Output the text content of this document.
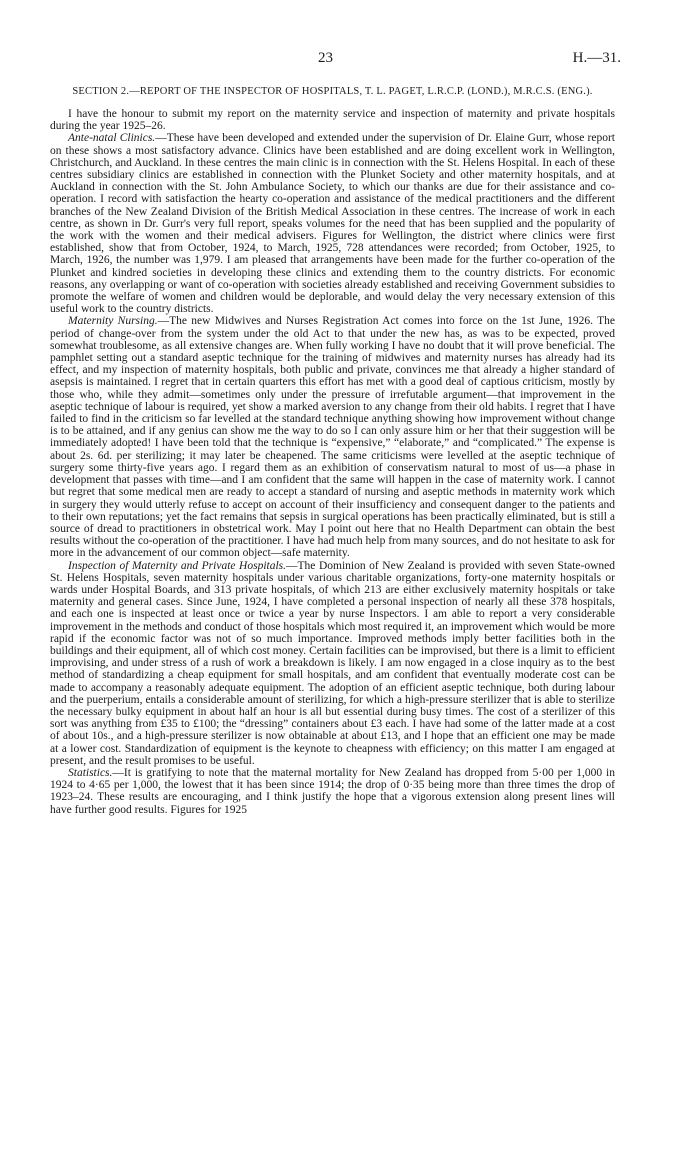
23	H.—31.
SECTION 2.—REPORT OF THE INSPECTOR OF HOSPITALS, T. L. PAGET, L.R.C.P. (LOND.), M.R.C.S. (ENG.).

I have the honour to submit my report on the maternity service and inspection of maternity and private hospitals during the year 1925–26.

Ante-natal Clinics.—These have been developed and extended under the supervision of Dr. Elaine Gurr, whose report on these shows a most satisfactory advance. Clinics have been established and are doing excellent work in Wellington, Christchurch, and Auckland. In these centres the main clinic is in connection with the St. Helens Hospital. In each of these centres subsidiary clinics are established in connection with the Plunket Society and other maternity hospitals, and at Auckland in connection with the St. John Ambulance Society, to which our thanks are due for their assistance and co-operation. I record with satisfaction the hearty co-operation and assistance of the medical practitioners and the different branches of the New Zealand Division of the British Medical Association in these centres. The increase of work in each centre, as shown in Dr. Gurr's very full report, speaks volumes for the need that has been supplied and the popularity of the work with the women and their medical advisers. Figures for Wellington, the district where clinics were first established, show that from October, 1924, to March, 1925, 728 attendances were recorded; from October, 1925, to March, 1926, the number was 1,979. I am pleased that arrangements have been made for the further co-operation of the Plunket and kindred societies in developing these clinics and extending them to the country districts. For economic reasons, any overlapping or want of co-operation with societies already established and receiving Government subsidies to promote the welfare of women and children would be deplorable, and would delay the very necessary extension of this useful work to the country districts.

Maternity Nursing.—The new Midwives and Nurses Registration Act comes into force on the 1st June, 1926. The period of change-over from the system under the old Act to that under the new has, as was to be expected, proved somewhat troublesome, as all extensive changes are. When fully working I have no doubt that it will prove beneficial. The pamphlet setting out a standard aseptic technique for the training of midwives and maternity nurses has already had its effect, and my inspection of maternity hospitals, both public and private, convinces me that already a higher standard of asepsis is maintained. I regret that in certain quarters this effort has met with a good deal of captious criticism, mostly by those who, while they admit—sometimes only under the pressure of irrefutable argument—that improvement in the aseptic technique of labour is required, yet show a marked aversion to any change from their old habits. I regret that I have failed to find in the criticism so far levelled at the standard technique anything showing how improvement without change is to be attained, and if any genius can show me the way to do so I can only assure him or her that their suggestion will be immediately adopted! I have been told that the technique is “expensive,” “elaborate,” and “complicated.” The expense is about 2s. 6d. per sterilizing; it may later be cheapened. The same criticisms were levelled at the aseptic technique of surgery some thirty-five years ago. I regard them as an exhibition of conservatism natural to most of us—a phase in development that passes with time—and I am confident that the same will happen in the case of maternity work. I cannot but regret that some medical men are ready to accept a standard of nursing and aseptic methods in maternity work which in surgery they would utterly refuse to accept on account of their insufficiency and consequent danger to the patients and to their own reputations; yet the fact remains that sepsis in surgical operations has been practically eliminated, but is still a source of dread to practitioners in obstetrical work. May I point out here that no Health Department can obtain the best results without the co-operation of the practitioner. I have had much help from many sources, and do not hesitate to ask for more in the advancement of our common object—safe maternity.

Inspection of Maternity and Private Hospitals.—The Dominion of New Zealand is provided with seven State-owned St. Helens Hospitals, seven maternity hospitals under various charitable organizations, forty-one maternity hospitals or wards under Hospital Boards, and 313 private hospitals, of which 213 are either exclusively maternity hospitals or take maternity and general cases. Since June, 1924, I have completed a personal inspection of nearly all these 378 hospitals, and each one is inspected at least once or twice a year by nurse Inspectors. I am able to report a very considerable improvement in the methods and conduct of those hospitals which most required it, an improvement which would be more rapid if the economic factor was not of so much importance. Improved methods imply better facilities both in the buildings and their equipment, all of which cost money. Certain facilities can be improvised, but there is a limit to efficient improvising, and under stress of a rush of work a breakdown is likely. I am now engaged in a close inquiry as to the best method of standardizing a cheap equipment for small hospitals, and am confident that eventually moderate cost can be made to accompany a reasonably adequate equipment. The adoption of an efficient aseptic technique, both during labour and the puerperium, entails a considerable amount of sterilizing, for which a high-pressure sterilizer that is able to sterilize the necessary bulky equipment in about half an hour is all but essential during busy times. The cost of a sterilizer of this sort was anything from £35 to £100; the “dressing” containers about £3 each. I have had some of the latter made at a cost of about 10s., and a high-pressure sterilizer is now obtainable at about £13, and I hope that an efficient one may be made at a lower cost. Standardization of equipment is the keynote to cheapness with efficiency; on this matter I am engaged at present, and the result promises to be useful.

Statistics.—It is gratifying to note that the maternal mortality for New Zealand has dropped from 5·00 per 1,000 in 1924 to 4·65 per 1,000, the lowest that it has been since 1914; the drop of 0·35 being more than three times the drop of 1923–24. These results are encouraging, and I think justify the hope that a vigorous extension along present lines will have further good results. Figures for 1925
